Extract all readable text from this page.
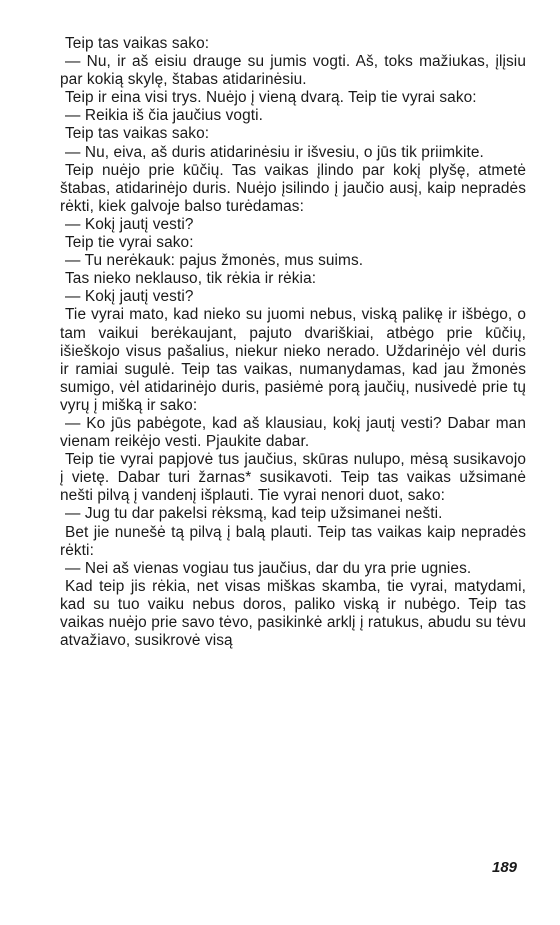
Teip tas vaikas sako:

— Nu, ir aš eisiu drauge su jumis vogti. Aš, toks mažiukas, įlįsiu par kokią skylę, štabas atidarinėsiu.

Teip ir eina visi trys. Nuėjo į vieną dvarą. Teip tie vyrai sako:

— Reikia iš čia jaučius vogti.

Teip tas vaikas sako:

— Nu, eiva, aš duris atidarinėsiu ir išvesiu, o jūs tik priimkite.

Teip nuėjo prie kūčių. Tas vaikas įlindo par kokį plyšę, atmetė štabas, atidarinėjo duris. Nuėjo įsilindo į jaučio ausį, kaip nepradės rėkti, kiek galvoje balso turėdamas:

— Kokį jautį vesti?

Teip tie vyrai sako:

— Tu nerėkauk: pajus žmonės, mus suims.

Tas nieko neklauso, tik rėkia ir rėkia:

— Kokį jautį vesti?

Tie vyrai mato, kad nieko su juomi nebus, viską palikę ir išbėgo, o tam vaikui berėkaujant, pajuto dvariškiai, atbėgo prie kūčių, išieškojo visus pašalius, niekur nieko nerado. Uždarinėjo vėl duris ir ramiai sugulė. Teip tas vaikas, numanydamas, kad jau žmonės sumigo, vėl atidarinėjo duris, pasiėmė porą jaučių, nusivedė prie tų vyrų į mišką ir sako:

— Ko jūs pabėgote, kad aš klausiau, kokį jautį vesti? Dabar man vienam reikėjo vesti. Pjaukite dabar.

Teip tie vyrai papjovė tus jaučius, skūras nulupo, mėsą susikavojo į vietę. Dabar turi žarnas* susikavoti. Teip tas vaikas užsimanė nešti pilvą į vandenį išplauti. Tie vyrai nenori duot, sako:

— Jug tu dar pakelsi rėksmą, kad teip užsimanei nešti.

Bet jie nunešė tą pilvą į balą plauti. Teip tas vaikas kaip nepradės rėkti:

— Nei aš vienas vogiau tus jaučius, dar du yra prie ugnies.

Kad teip jis rėkia, net visas miškas skamba, tie vyrai, matydami, kad su tuo vaiku nebus doros, paliko viską ir nubėgo. Teip tas vaikas nuėjo prie savo tėvo, pasikinkė arklį į ratukus, abudu su tėvu atvažiavo, susikrovė visą

189
